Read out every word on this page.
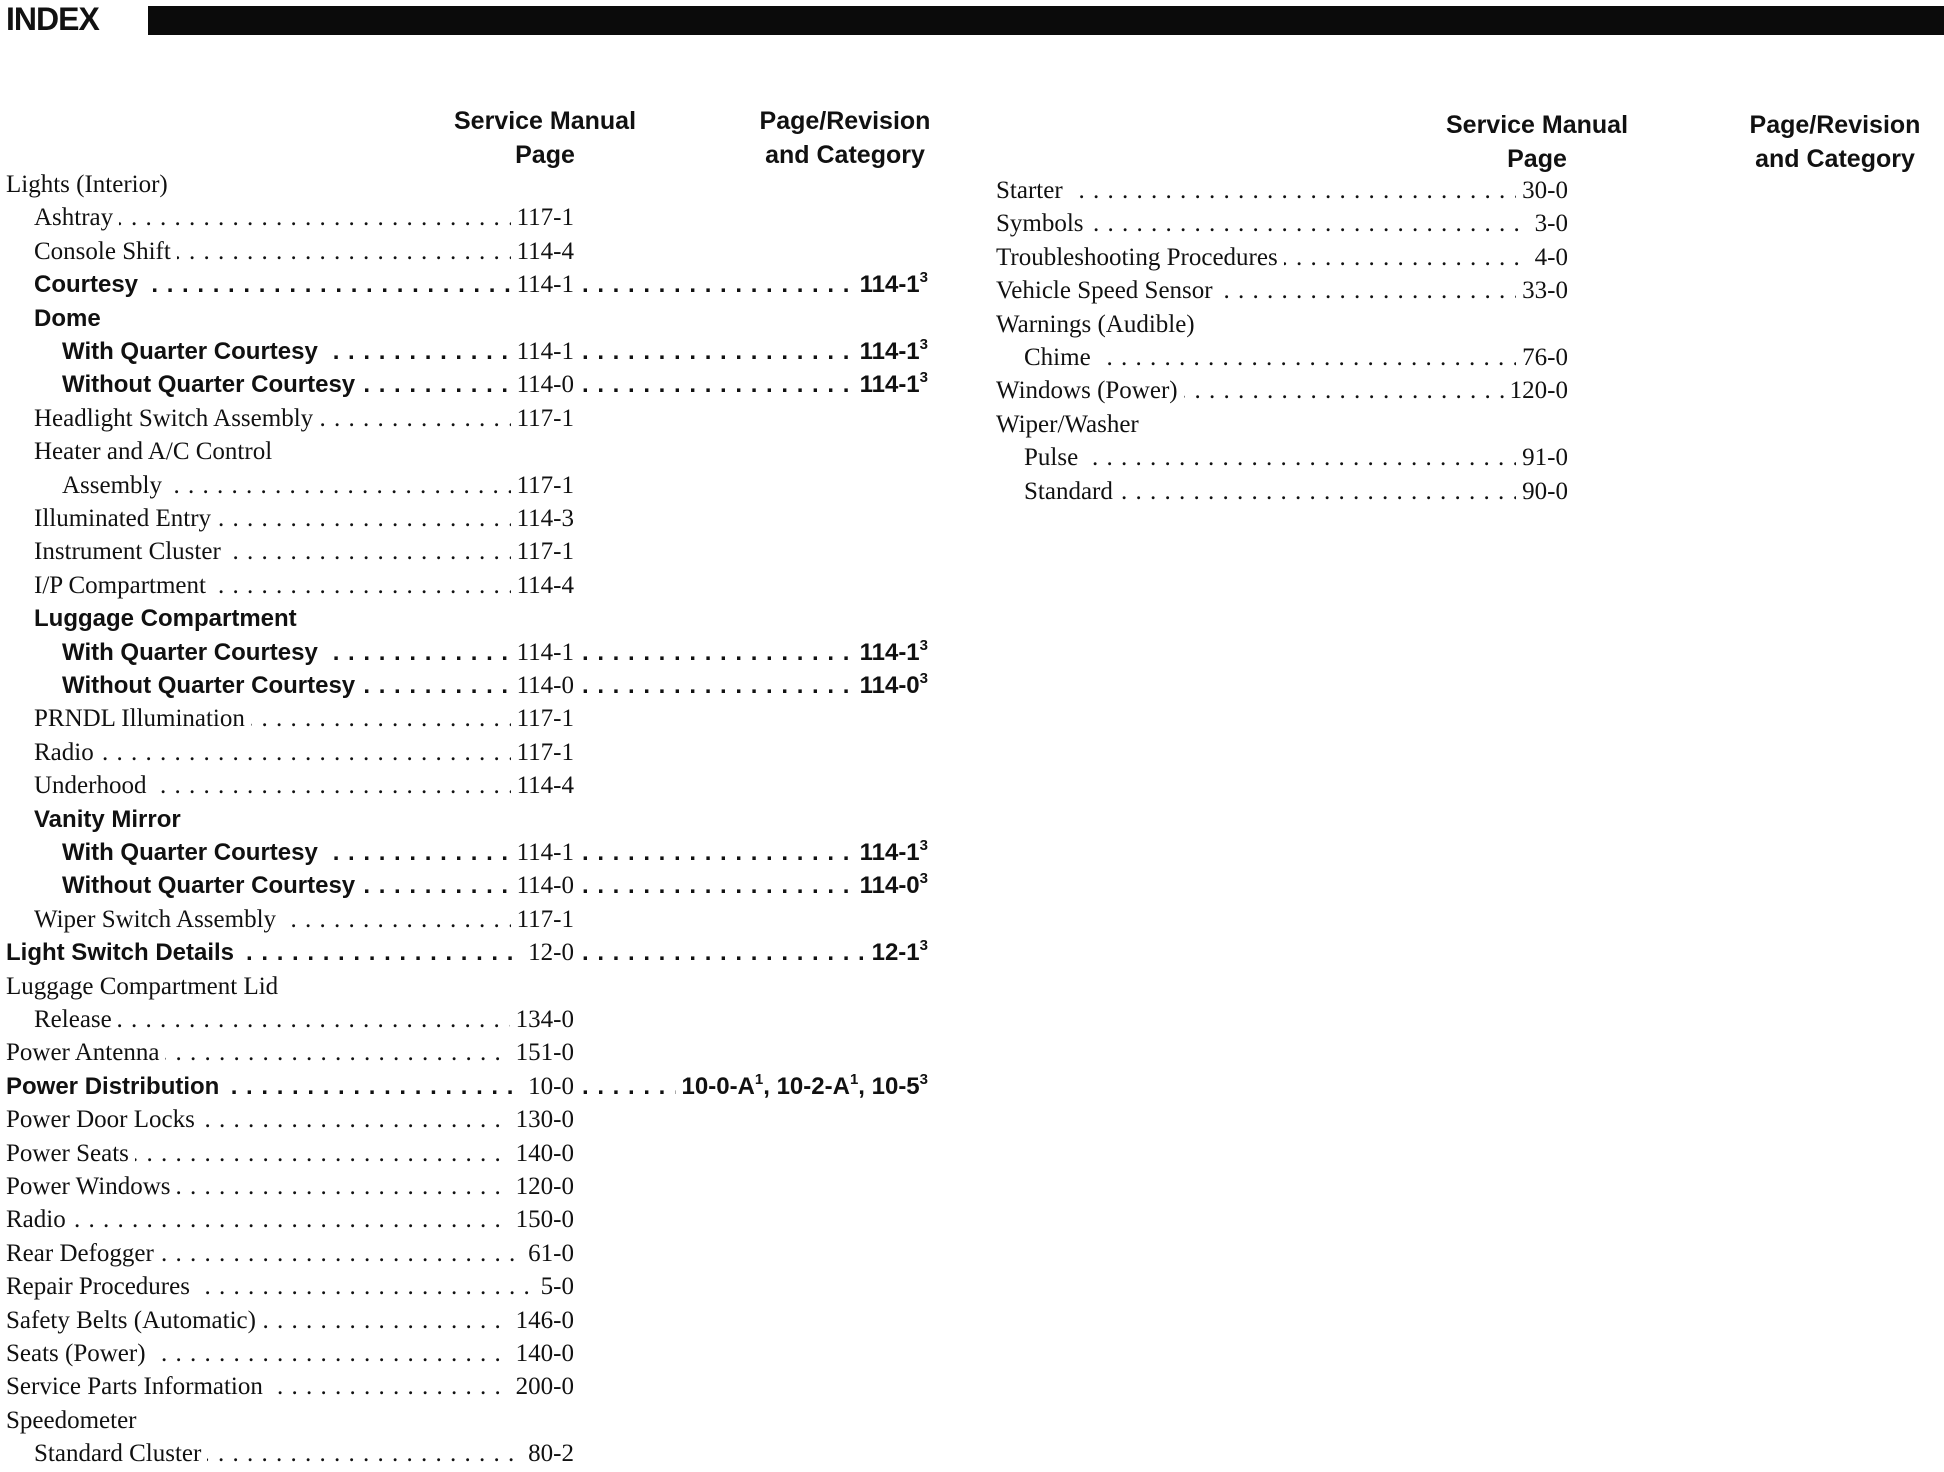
INDEX
Service Manual
Page
Page/Revision
and Category
Service Manual
Page
Page/Revision
and Category
Lights (Interior)
Ashtray . . .	117-1
Console Shift . . .	114-4
Courtesy . . .	114-1 . . .	$114-1^3$
Dome
With Quarter Courtesy . . .	114-1 . . .	$114-1^3$
Without Quarter Courtesy . . .	114-0 . . .	$114-1^3$
Headlight Switch Assembly . . .	117-1
Heater and A/C Control
Assembly . . .	117-1
Illuminated Entry . . .	114-3
Instrument Cluster . . .	117-1
I/P Compartment . . .	114-4
Luggage Compartment
With Quarter Courtesy . . .	114-1 . . .	$114-1^3$
Without Quarter Courtesy . . .	114-0 . . .	$114-0^3$
PRNDL Illumination . . .	117-1
Radio . . .	117-1
Underhood . . .	114-4
Vanity Mirror
With Quarter Courtesy . . .	114-1 . . .	$114-1^3$
Without Quarter Courtesy . . .	114-0 . . .	$114-0^3$
Wiper Switch Assembly . . .	117-1
Light Switch Details . . .	12-0 . . .	$12-1^3$
Luggage Compartment Lid
Release . . .	134-0
Power Antenna . . .	151-0
Power Distribution . . .	10-0 . . .	$10-0-A^1$, $10-2-A^1$, $10-5^3$
Power Door Locks . . .	130-0
Power Seats . . .	140-0
Power Windows . . .	120-0
Radio . . .	150-0
Rear Defogger . . .	61-0
Repair Procedures . . .	5-0
Safety Belts (Automatic) . . .	146-0
Seats (Power) . . .	140-0
Service Parts Information . . .	200-0
Speedometer
Standard Cluster . . .	80-2
Starter . . .	30-0
Symbols . . .	3-0
Troubleshooting Procedures . . .	4-0
Vehicle Speed Sensor . . .	33-0
Warnings (Audible)
Chime . . .	76-0
Windows (Power) . . .	120-0
Wiper/Washer
Pulse . . .	91-0
Standard . . .	90-0
